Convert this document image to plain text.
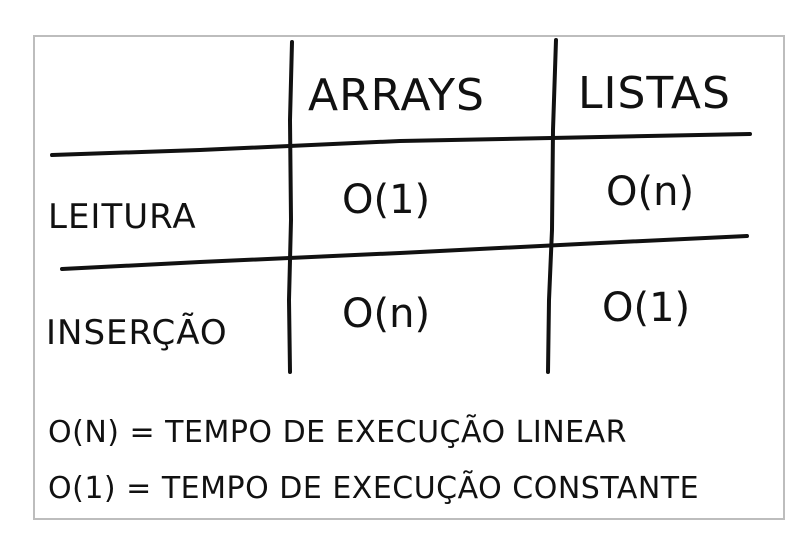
ARRAYS LISTAS
LEITURA
INSERÇÃO
O(1)	O(n)
O(n)	O(1)
O(N) = TEMPO DE EXECUÇÃO LINEAR
O(1) = TEMPO DE EXECUÇÃO CONSTANTE
